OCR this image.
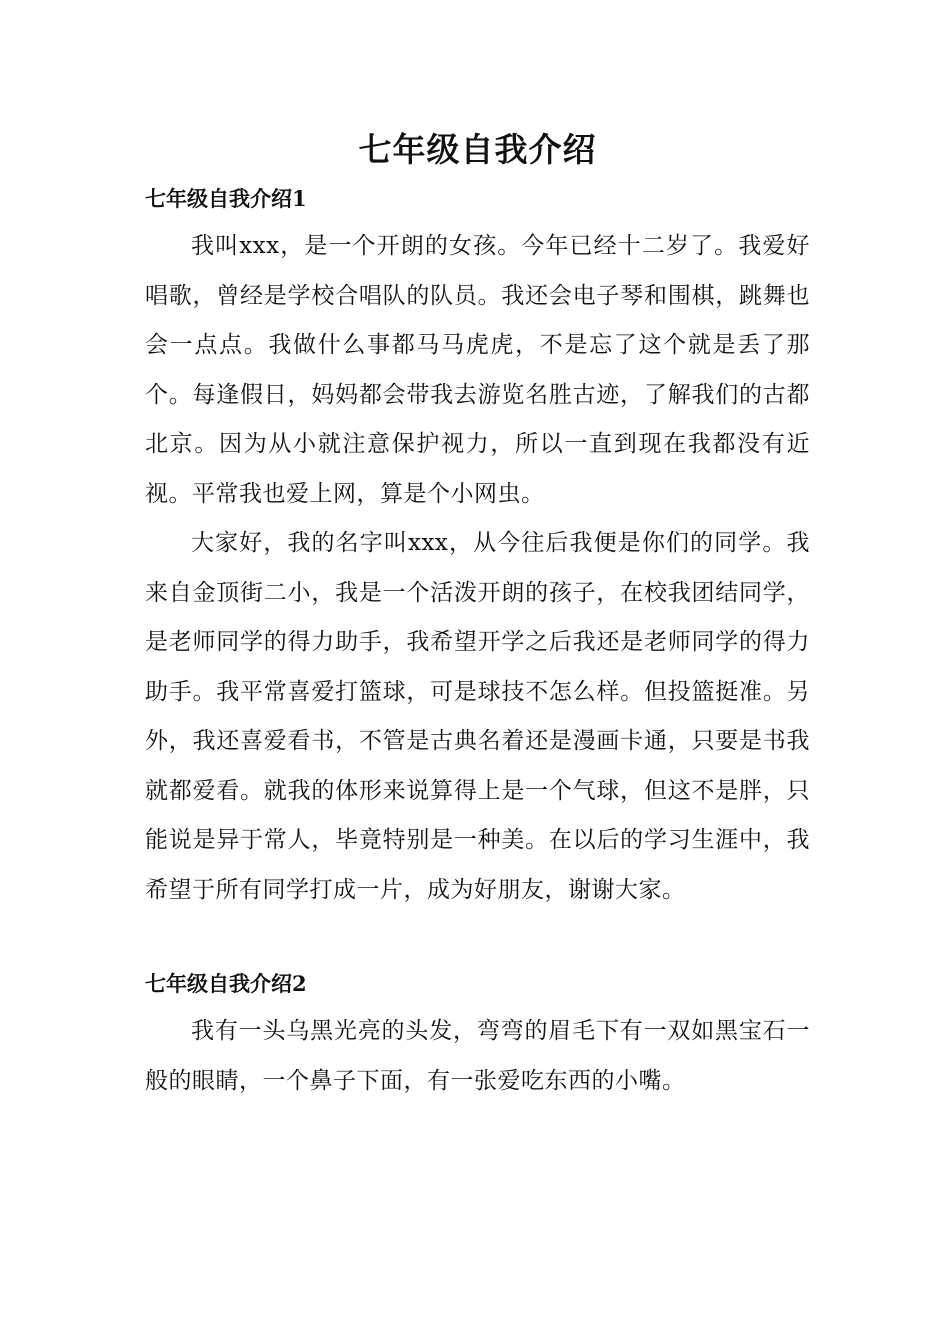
七年级自我介绍
七年级自我介绍1

我叫xxx，是一个开朗的女孩。今年已经十二岁了。我爱好唱歌，曾经是学校合唱队的队员。我还会电子琴和围棋，跳舞也会一点点。我做什么事都马马虎虎，不是忘了这个就是丢了那个。每逢假日，妈妈都会带我去游览名胜古迹，了解我们的古都北京。因为从小就注意保护视力，所以一直到现在我都没有近视。平常我也爱上网，算是个小网虫。

大家好，我的名字叫xxx，从今往后我便是你们的同学。我来自金顶街二小，我是一个活泼开朗的孩子，在校我团结同学，是老师同学的得力助手，我希望开学之后我还是老师同学的得力助手。我平常喜爱打篮球，可是球技不怎么样。但投篮挺准。另外，我还喜爱看书，不管是古典名着还是漫画卡通，只要是书我就都爱看。就我的体形来说算得上是一个气球，但这不是胖，只能说是异于常人，毕竟特别是一种美。在以后的学习生涯中，我希望于所有同学打成一片，成为好朋友，谢谢大家。

七年级自我介绍2

我有一头乌黑光亮的头发，弯弯的眉毛下有一双如黑宝石一般的眼睛，一个鼻子下面，有一张爱吃东西的小嘴。
